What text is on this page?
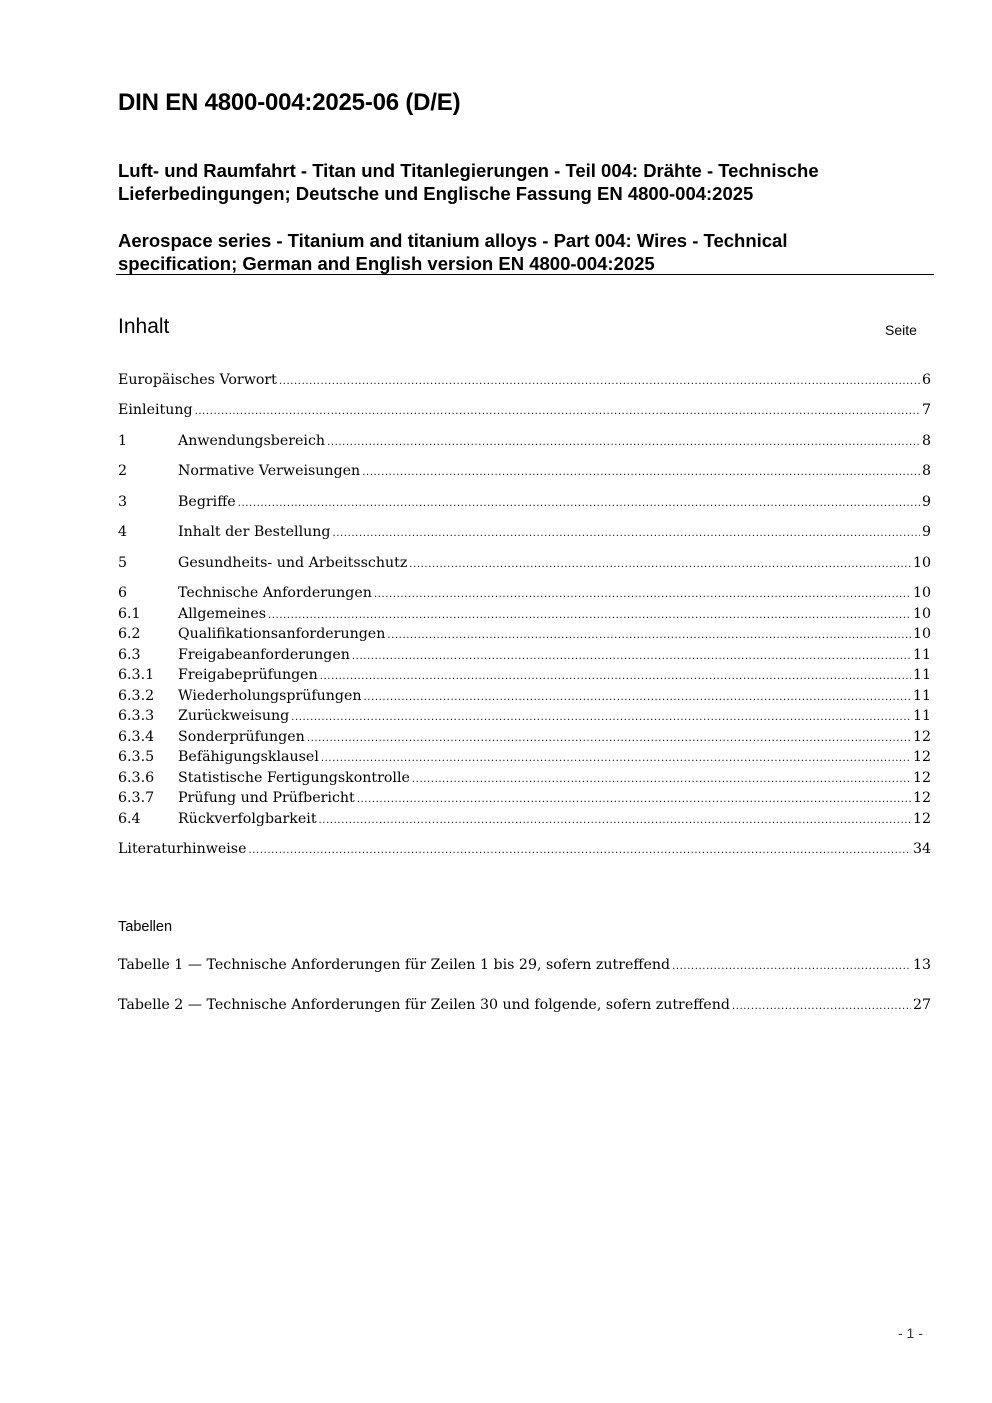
DIN EN 4800-004:2025-06 (D/E)
Luft- und Raumfahrt - Titan und Titanlegierungen - Teil 004: Drähte - Technische
Lieferbedingungen; Deutsche und Englische Fassung EN 4800-004:2025
Aerospace series - Titanium and titanium alloys - Part 004: Wires - Technical
specification; German and English version EN 4800-004:2025
Inhalt	Seite
Europäisches Vorwort .....	6
Einleitung .....	7
1	Anwendungsbereich .....	8
2	Normative Verweisungen .....	8
3	Begriffe .....	9
4	Inhalt der Bestellung .....	9
5	Gesundheits- und Arbeitsschutz .....	10
6	Technische Anforderungen .....	10
6.1	Allgemeines .....	10
6.2	Qualifikationsanforderungen .....	10
6.3	Freigabeanforderungen .....	11
6.3.1	Freigabeprüfungen .....	11
6.3.2	Wiederholungsprüfungen .....	11
6.3.3	Zurückweisung .....	11
6.3.4	Sonderprüfungen .....	12
6.3.5	Befähigungsklausel .....	12
6.3.6	Statistische Fertigungskontrolle .....	12
6.3.7	Prüfung und Prüfbericht .....	12
6.4	Rückverfolgbarkeit .....	12
Literaturhinweise .....	34
Tabellen
Tabelle 1 — Technische Anforderungen für Zeilen 1 bis 29, sofern zutreffend .....	13
Tabelle 2 — Technische Anforderungen für Zeilen 30 und folgende, sofern zutreffend .....	27
- 1 -
